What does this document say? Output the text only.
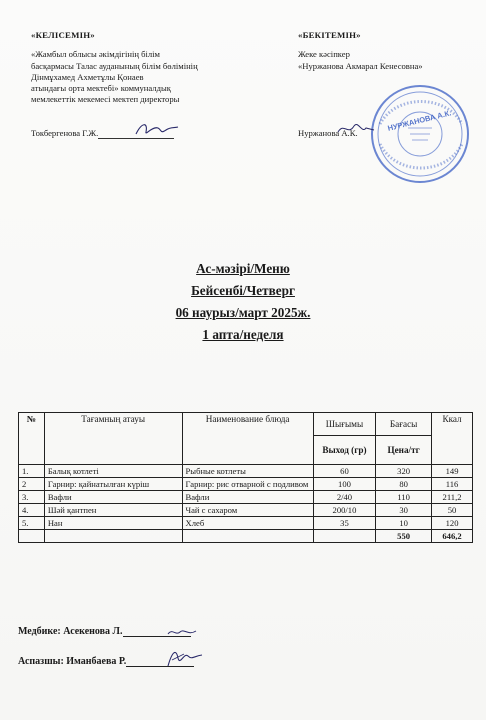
«КЕЛІСЕМІН»
«Жамбыл облысы әкімдігінің білім
басқармасы Талас ауданының білім бөлімінің
Дінмұхамед Ахметұлы Қонаев
атындағы орта мектебі» коммуналдық
мемлекеттік мекемесі мектеп директоры
Токбергенова Г.Ж.
«БЕКІТЕМІН»
Жеке кәсіпкер
«Нуржанова Акмарал Кенесовна»
Нуржанова А.К.
НУРЖАНОВА А.К.
Ас-мәзірі/Меню
Бейсенбі/Четверг
06 наурыз/март 2025ж.
1 апта/неделя
№	Тағамның атауы	Наименование блюда	Шығымы	Бағасы	Ккал
			Выход (гр)	Цена/тг	
1.	Балық котлеті	Рыбные котлеты	60	320	149
2	Гарнир: қайнатылған күріш	Гарнир: рис отварной с подливом	100	80	116
3.	Вафли	Вафли	2/40	110	211,2
4.	Шәй қантпен	Чай с сахаром	200/10	30	50
5.	Нан	Хлеб	35	10	120
				550	646,2
Медбике: Асекенова Л.
Аспазшы: Иманбаева Р.
